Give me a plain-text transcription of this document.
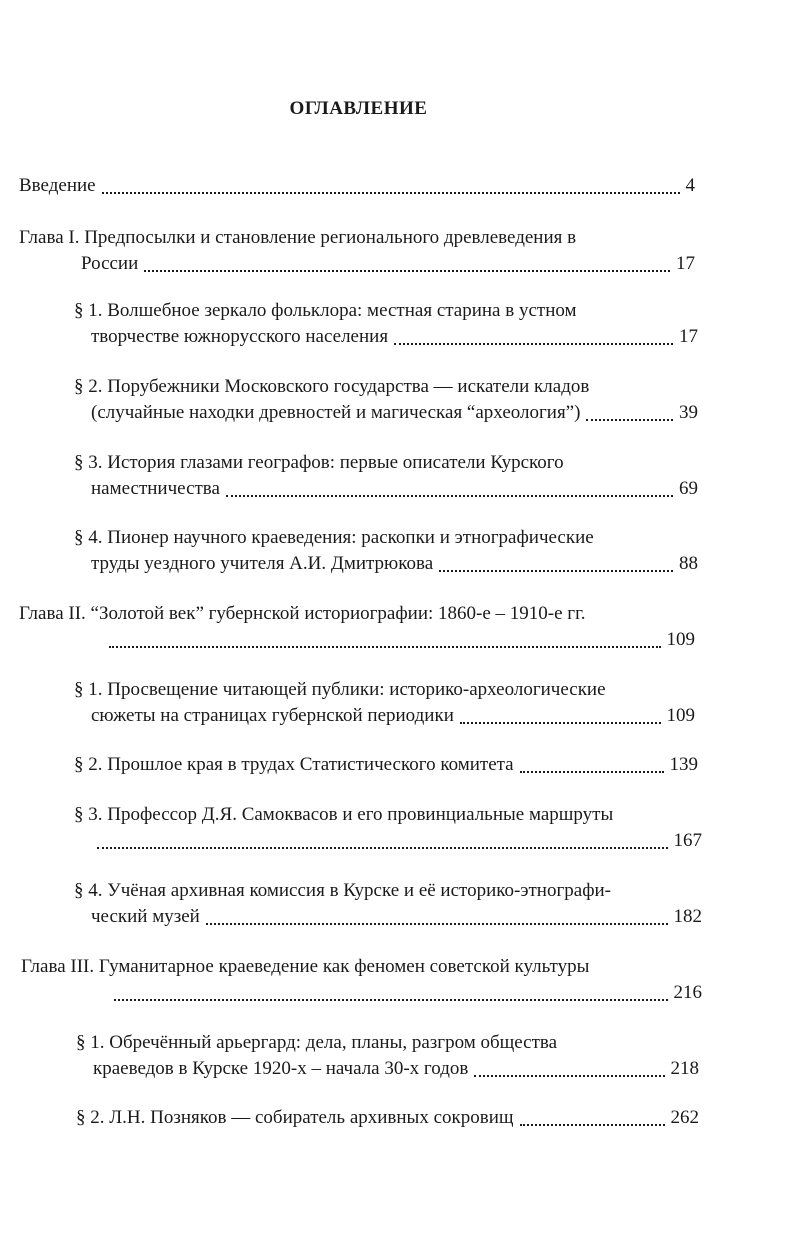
ОГЛАВЛЕНИЕ
Введение	4
Глава I. Предпосылки и становление регионального древлеведения в
России	17
§ 1. Волшебное зеркало фольклора: местная старина в устном
творчестве южнорусского населения	17
§ 2. Порубежники Московского государства — искатели кладов
(случайные находки древностей и магическая “археология”)	39
§ 3. История глазами географов: первые описатели Курского
наместничества	69
§ 4. Пионер научного краеведения: раскопки и этнографические
труды уездного учителя А.И. Дмитрюкова	88
Глава II. “Золотой век” губернской историографии: 1860-е – 1910-е гг.
109
§ 1. Просвещение читающей публики: историко-археологические
сюжеты на страницах губернской периодики	109
§ 2. Прошлое края в трудах Статистического комитета	139
§ 3. Профессор Д.Я. Самоквасов и его провинциальные маршруты
167
§ 4. Учёная архивная комиссия в Курске и её историко-этнографи-
ческий музей	182
Глава III. Гуманитарное краеведение как феномен советской культуры
216
§ 1. Обречённый арьергард: дела, планы, разгром общества
краеведов в Курске 1920-х – начала 30-х годов	218
§ 2. Л.Н. Позняков — собиратель архивных сокровищ	262
